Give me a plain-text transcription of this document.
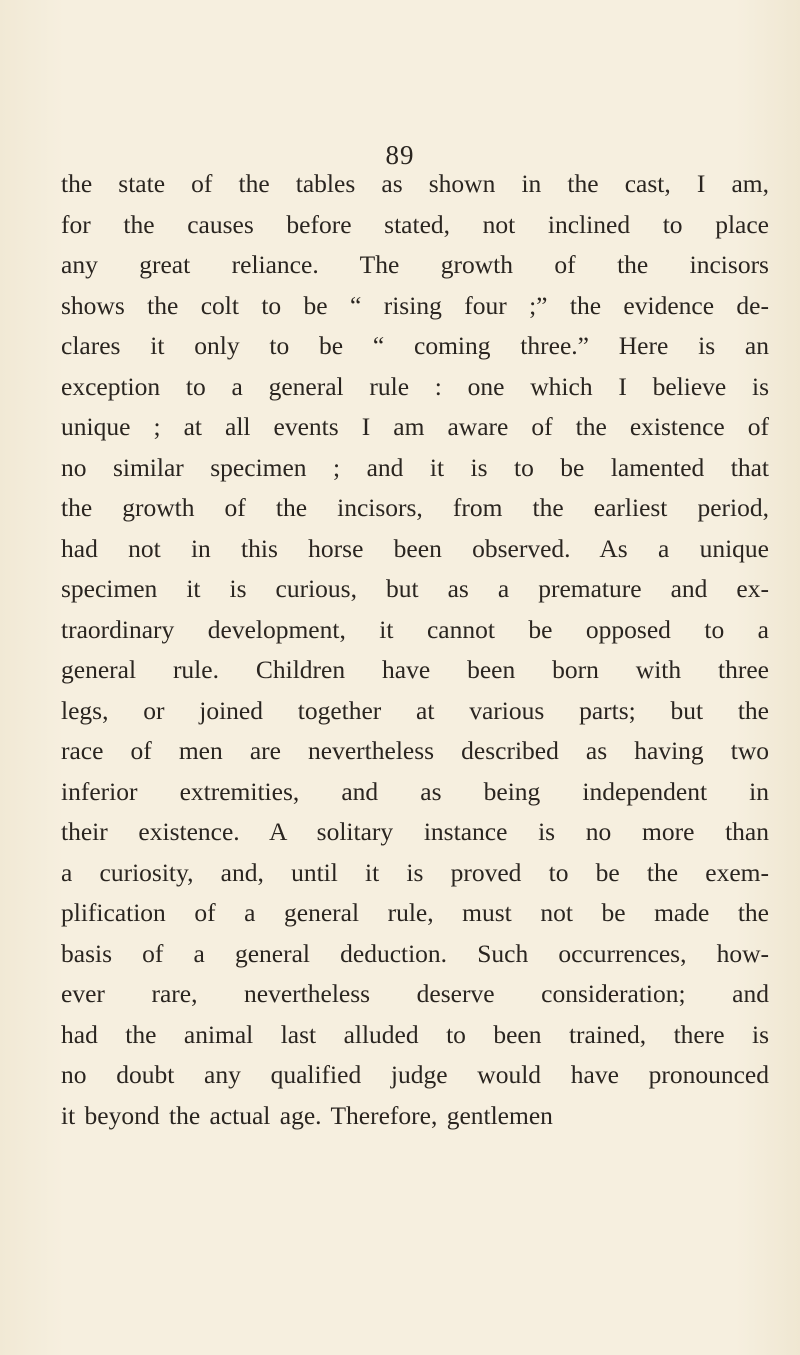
89
the state of the tables as shown in the cast, I am,
for the causes before stated, not inclined to place
any great reliance. The growth of the incisors
shows the colt to be “ rising four ;” the evidence de-
clares it only to be “ coming three.” Here is an
exception to a general rule : one which I believe is
unique ; at all events I am aware of the existence of
no similar specimen ; and it is to be lamented that
the growth of the incisors, from the earliest period,
had not in this horse been observed. As a unique
specimen it is curious, but as a premature and ex-
traordinary development, it cannot be opposed to a
general rule. Children have been born with three
legs, or joined together at various parts; but the
race of men are nevertheless described as having two
inferior extremities, and as being independent in
their existence. A solitary instance is no more than
a curiosity, and, until it is proved to be the exem-
plification of a general rule, must not be made the
basis of a general deduction. Such occurrences, how-
ever rare, nevertheless deserve consideration; and
had the animal last alluded to been trained, there is
no doubt any qualified judge would have pronounced
it beyond the actual age. Therefore, gentlemen
